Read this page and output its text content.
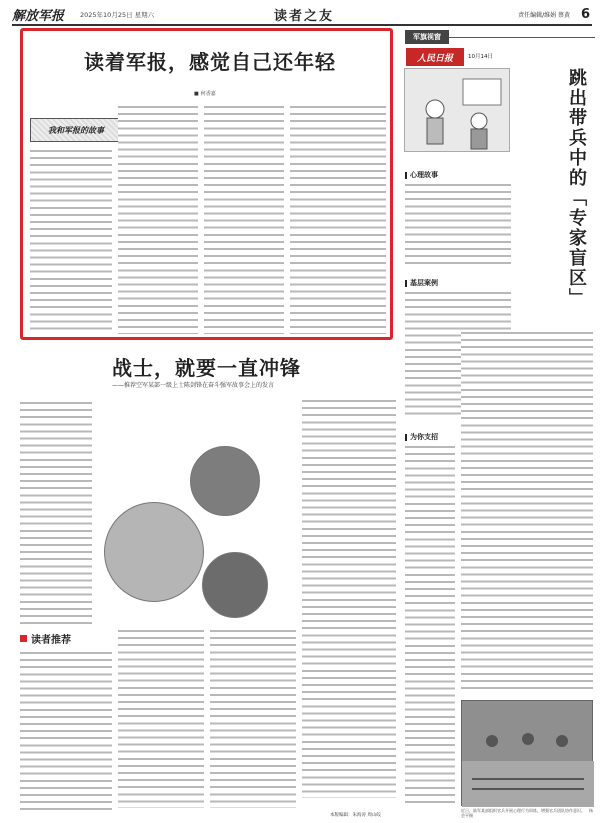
解放军报	2025年10月25日 星期六	读者之友	责任编辑/维娟 蔡黄 6
读着军报，感觉自己还年轻
■ 何香嘉
我和军报的故事
战士，就要一直冲锋
——推荐空军某部一级上士陈剑锋在奋斗强军故事会上的发言
读者推荐
军旗视窗
人民日报	10月14日
跳出带兵中的「专家盲区」
心理故事
基层案例
为你支招
近日，陆军某部组织官兵开展心理行为训练，增强官兵团队协作意识。　杨会平摄
本版编辑：朱海涛 周山皎
